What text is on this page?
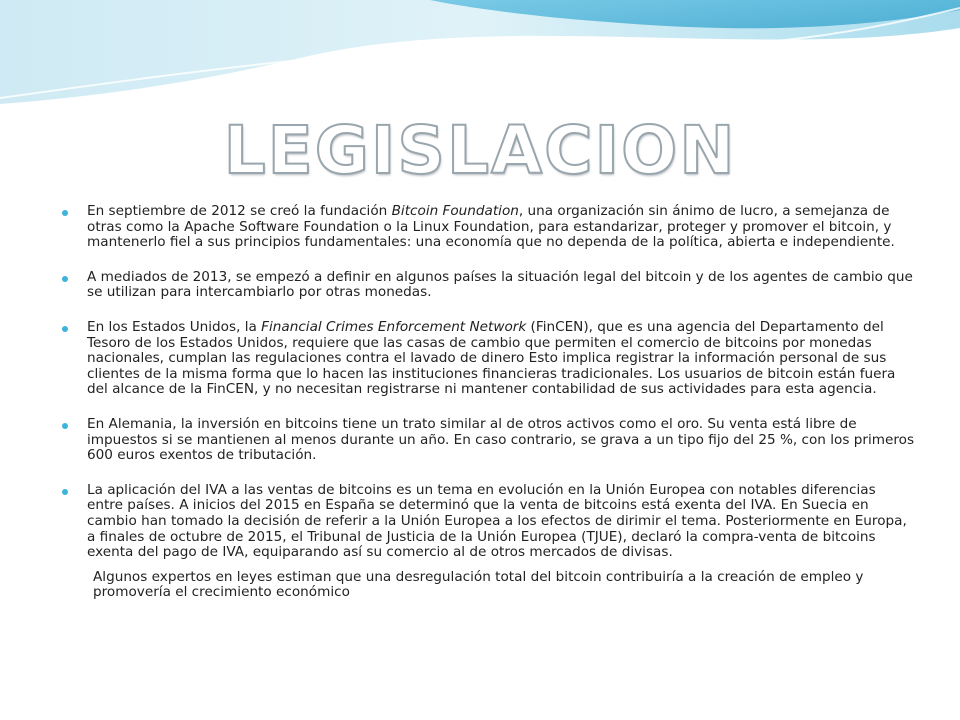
LEGISLACION

En septiembre de 2012 se creó la fundación Bitcoin Foundation, una organización sin ánimo de lucro, a semejanza de otras como la Apache Software Foundation o la Linux Foundation, para estandarizar, proteger y promover el bitcoin, y mantenerlo fiel a sus principios fundamentales: una economía que no dependa de la política, abierta e independiente.

A mediados de 2013, se empezó a definir en algunos países la situación legal del bitcoin y de los agentes de cambio que se utilizan para intercambiarlo por otras monedas.

En los Estados Unidos, la Financial Crimes Enforcement Network (FinCEN), que es una agencia del Departamento del Tesoro de los Estados Unidos, requiere que las casas de cambio que permiten el comercio de bitcoins por monedas nacionales, cumplan las regulaciones contra el lavado de dinero Esto implica registrar la información personal de sus clientes de la misma forma que lo hacen las instituciones financieras tradicionales. Los usuarios de bitcoin están fuera del alcance de la FinCEN, y no necesitan registrarse ni mantener contabilidad de sus actividades para esta agencia.

En Alemania, la inversión en bitcoins tiene un trato similar al de otros activos como el oro. Su venta está libre de impuestos si se mantienen al menos durante un año. En caso contrario, se grava a un tipo fijo del 25 %, con los primeros 600 euros exentos de tributación.

La aplicación del IVA a las ventas de bitcoins es un tema en evolución en la Unión Europea con notables diferencias entre países. A inicios del 2015 en España se determinó que la venta de bitcoins está exenta del IVA. En Suecia en cambio han tomado la decisión de referir a la Unión Europea a los efectos de dirimir el tema. Posteriormente en Europa, a finales de octubre de 2015, el Tribunal de Justicia de la Unión Europea (TJUE), declaró la compra-venta de bitcoins exenta del pago de IVA, equiparando así su comercio al de otros mercados de divisas.

Algunos expertos en leyes estiman que una desregulación total del bitcoin contribuiría a la creación de empleo y promovería el crecimiento económico
